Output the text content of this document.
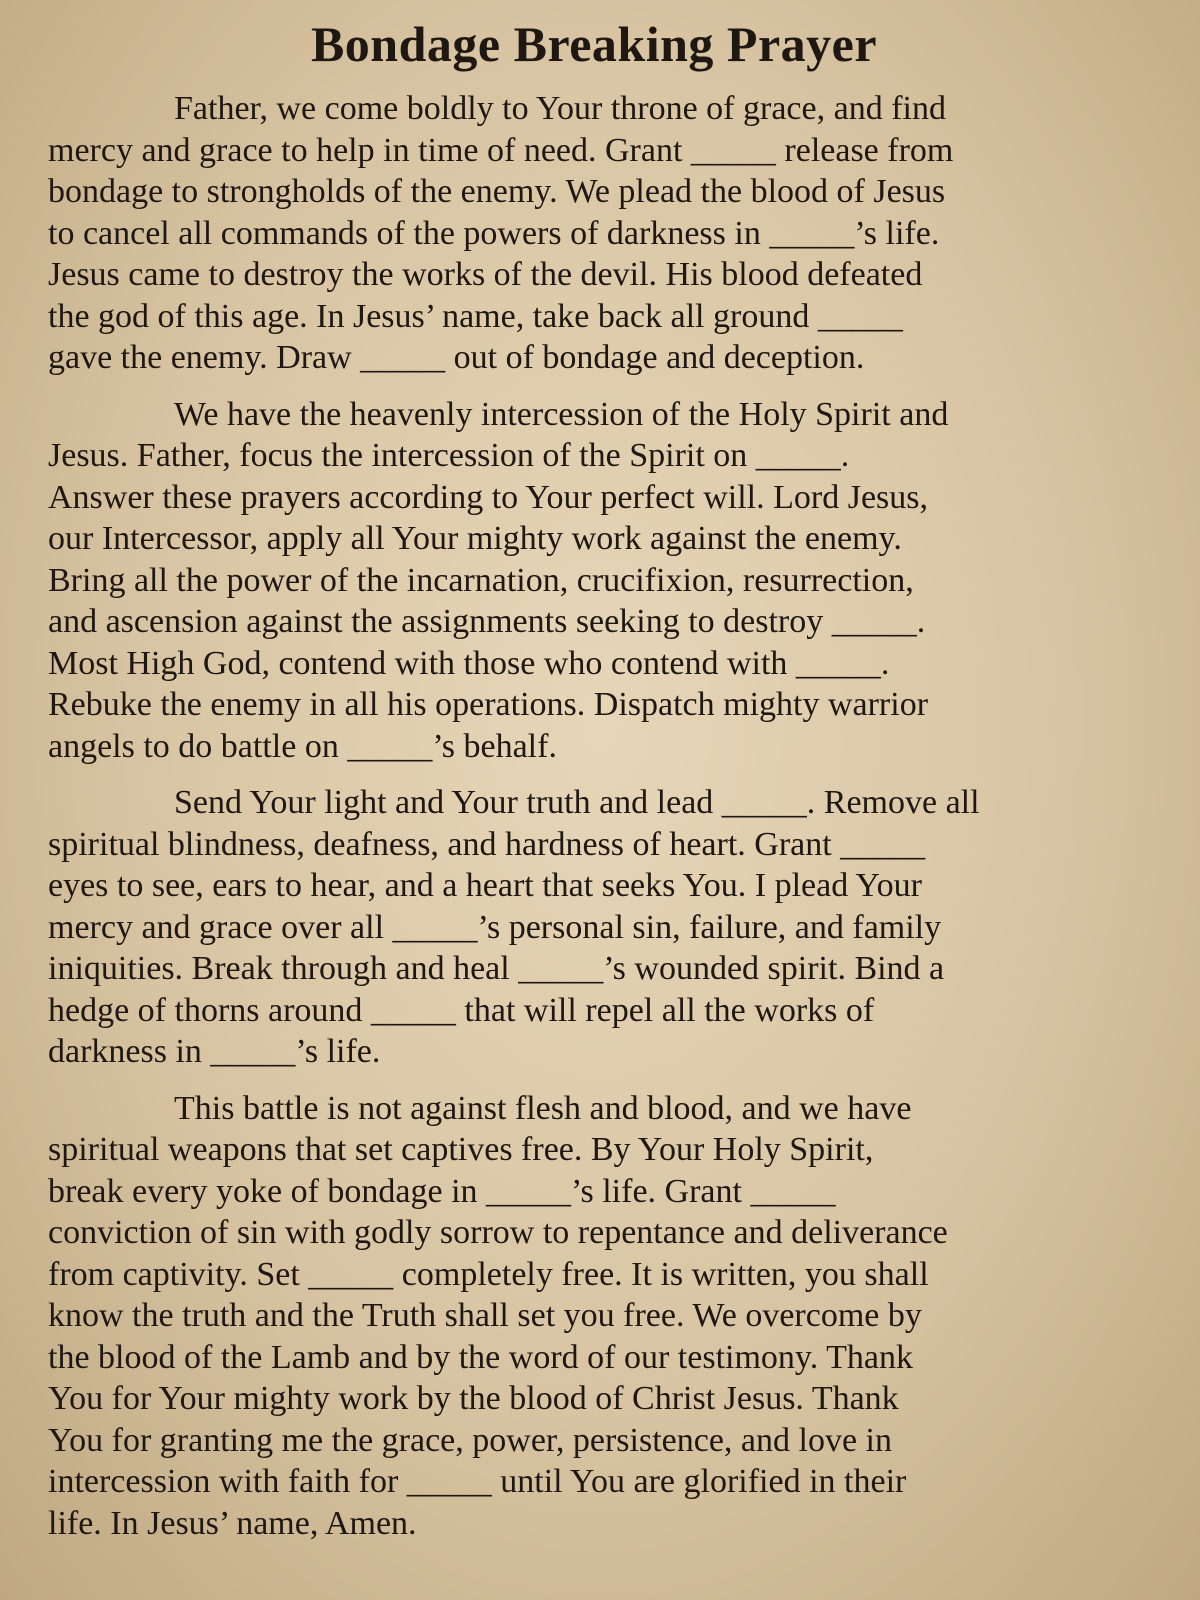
Bondage Breaking Prayer
Father, we come boldly to Your throne of grace, and find
mercy and grace to help in time of need. Grant _____ release from
bondage to strongholds of the enemy. We plead the blood of Jesus
to cancel all commands of the powers of darkness in _____’s life.
Jesus came to destroy the works of the devil. His blood defeated
the god of this age. In Jesus’ name, take back all ground _____
gave the enemy. Draw _____ out of bondage and deception.
We have the heavenly intercession of the Holy Spirit and
Jesus. Father, focus the intercession of the Spirit on _____.
Answer these prayers according to Your perfect will. Lord Jesus,
our Intercessor, apply all Your mighty work against the enemy.
Bring all the power of the incarnation, crucifixion, resurrection,
and ascension against the assignments seeking to destroy _____.
Most High God, contend with those who contend with _____.
Rebuke the enemy in all his operations. Dispatch mighty warrior
angels to do battle on _____’s behalf.
Send Your light and Your truth and lead _____. Remove all
spiritual blindness, deafness, and hardness of heart. Grant _____
eyes to see, ears to hear, and a heart that seeks You. I plead Your
mercy and grace over all _____’s personal sin, failure, and family
iniquities. Break through and heal _____’s wounded spirit. Bind a
hedge of thorns around _____ that will repel all the works of
darkness in _____’s life.
This battle is not against flesh and blood, and we have
spiritual weapons that set captives free. By Your Holy Spirit,
break every yoke of bondage in _____’s life. Grant _____
conviction of sin with godly sorrow to repentance and deliverance
from captivity. Set _____ completely free. It is written, you shall
know the truth and the Truth shall set you free. We overcome by
the blood of the Lamb and by the word of our testimony. Thank
You for Your mighty work by the blood of Christ Jesus. Thank
You for granting me the grace, power, persistence, and love in
intercession with faith for _____ until You are glorified in their
life. In Jesus’ name, Amen.
